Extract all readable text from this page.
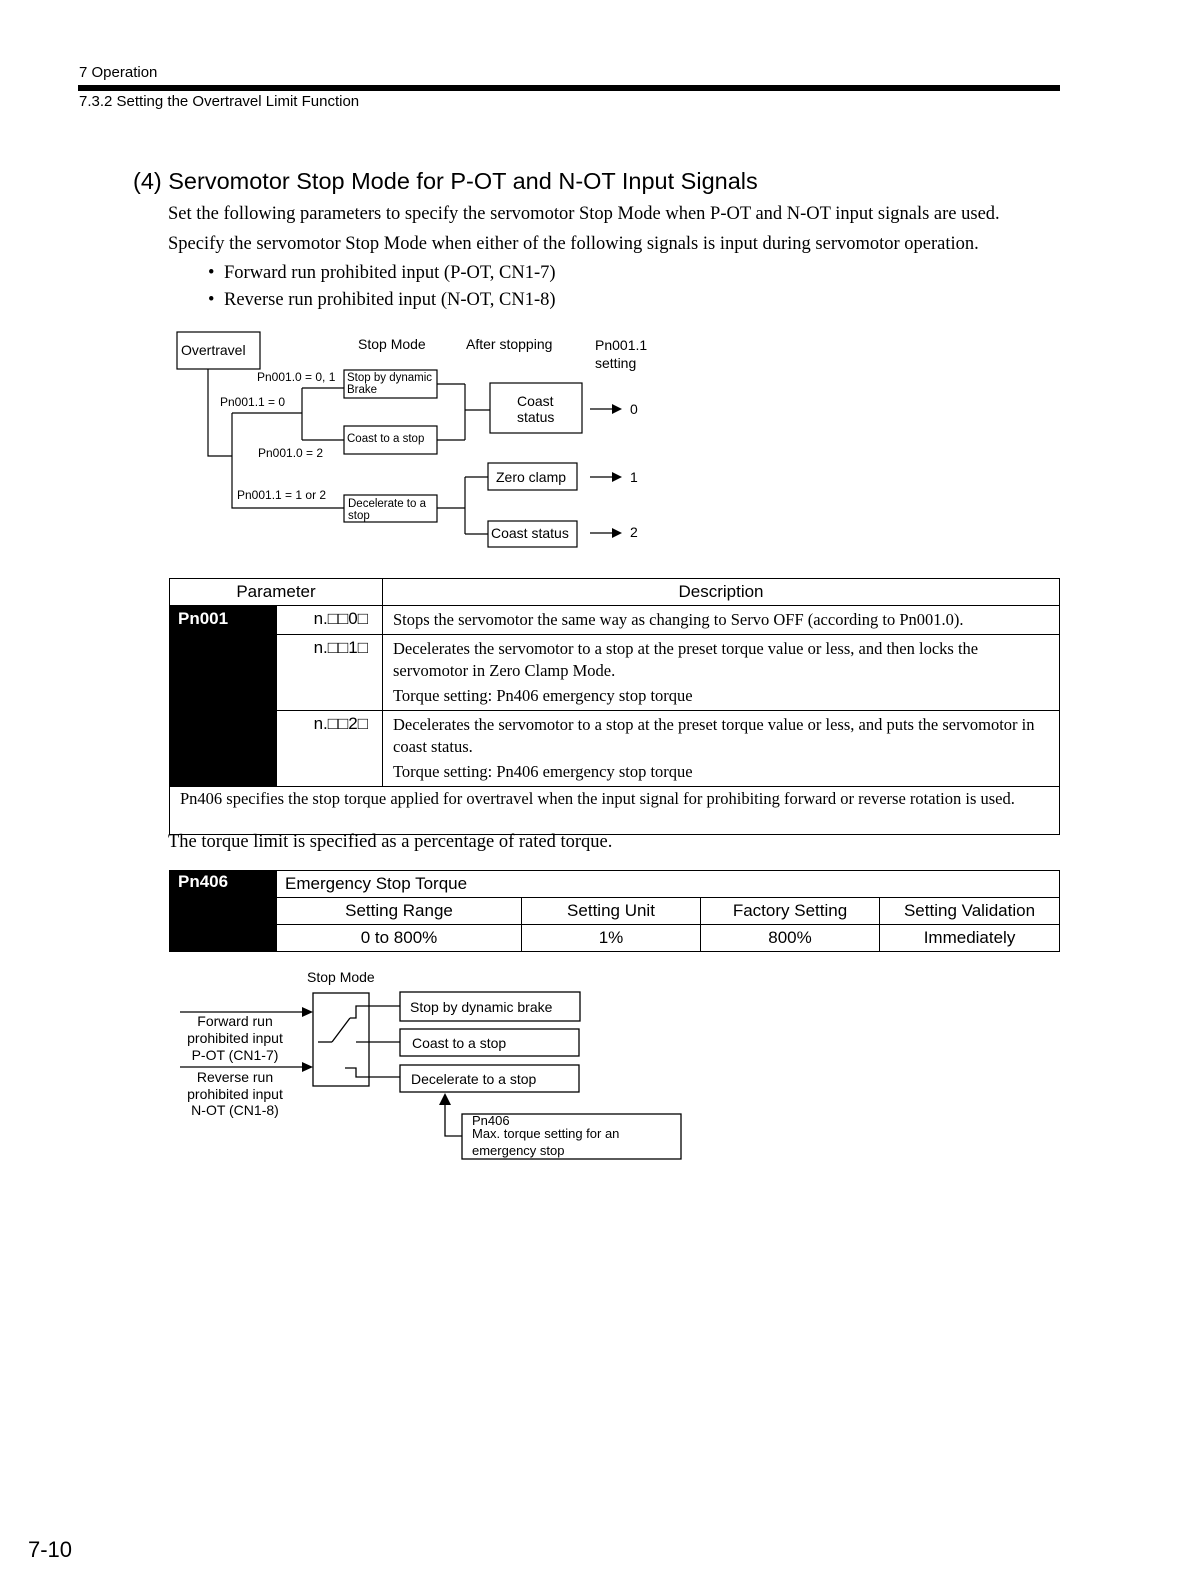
7 Operation
7.3.2 Setting the Overtravel Limit Function
(4) Servomotor Stop Mode for P-OT and N-OT Input Signals
Set the following parameters to specify the servomotor Stop Mode when P-OT and N-OT input signals are used.
Specify the servomotor Stop Mode when either of the following signals is input during servomotor operation.
• Forward run prohibited input (P-OT, CN1-7)
• Reverse run prohibited input (N-OT, CN1-8)
Overtravel	Stop Mode	After stopping	Pn001.1
setting
Coast
status
Zero clamp
Coast status
0
1
2
Pn001.0 = 0, 1
Pn001.1 = 0
Pn001.0 = 2
Pn001.1 = 1 or 2
Stop by dynamic
Brake
Coast to a stop
Decelerate to a
stop
Parameter		Description
Pn001	n.□□0□	Stops the servomotor the same way as changing to Servo OFF (according to Pn001.0).

	n.□□1□	Decelerates the servomotor to a stop at the preset torque value or less, and then locks the servomotor in Zero Clamp Mode.
Torque setting: Pn406 emergency stop torque

	n.□□2□	Decelerates the servomotor to a stop at the preset torque value or less, and puts the servomotor in coast status.
Torque setting: Pn406 emergency stop torque

Pn406 specifies the stop torque applied for overtravel when the input signal for prohibiting forward or reverse rotation is used.		
The torque limit is specified as a percentage of rated torque.
Pn406	Emergency Stop Torque			
	Setting Range	Setting Unit	Factory Setting	Setting Validation
	0 to 800%	1%	800%	Immediately
Stop Mode
Forward run
prohibited input
P-OT (CN1-7)
Reverse run
prohibited input
N-OT (CN1-8)
Stop by dynamic brake
Coast to a stop
Decelerate to a stop
Pn406
Max. torque setting for an
emergency stop
7-10
